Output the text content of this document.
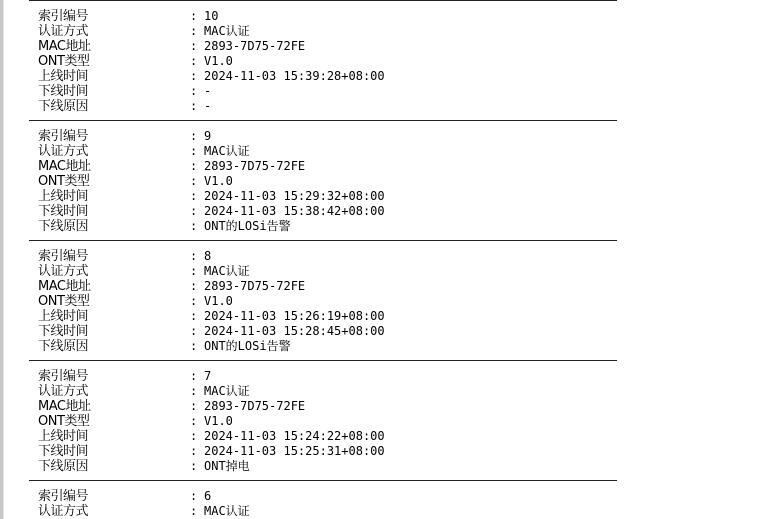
索引编号	: 10
认证方式	: MAC认证
MAC地址	: 2893-7D75-72FE
ONT类型	: V1.0
上线时间	: 2024-11-03 15:39:28+08:00
下线时间	: -
下线原因	: -
索引编号	: 9
认证方式	: MAC认证
MAC地址	: 2893-7D75-72FE
ONT类型	: V1.0
上线时间	: 2024-11-03 15:29:32+08:00
下线时间	: 2024-11-03 15:38:42+08:00
下线原因	: ONT的LOSi告警
索引编号	: 8
认证方式	: MAC认证
MAC地址	: 2893-7D75-72FE
ONT类型	: V1.0
上线时间	: 2024-11-03 15:26:19+08:00
下线时间	: 2024-11-03 15:28:45+08:00
下线原因	: ONT的LOSi告警
索引编号	: 7
认证方式	: MAC认证
MAC地址	: 2893-7D75-72FE
ONT类型	: V1.0
上线时间	: 2024-11-03 15:24:22+08:00
下线时间	: 2024-11-03 15:25:31+08:00
下线原因	: ONT掉电
索引编号	: 6
认证方式	: MAC认证
